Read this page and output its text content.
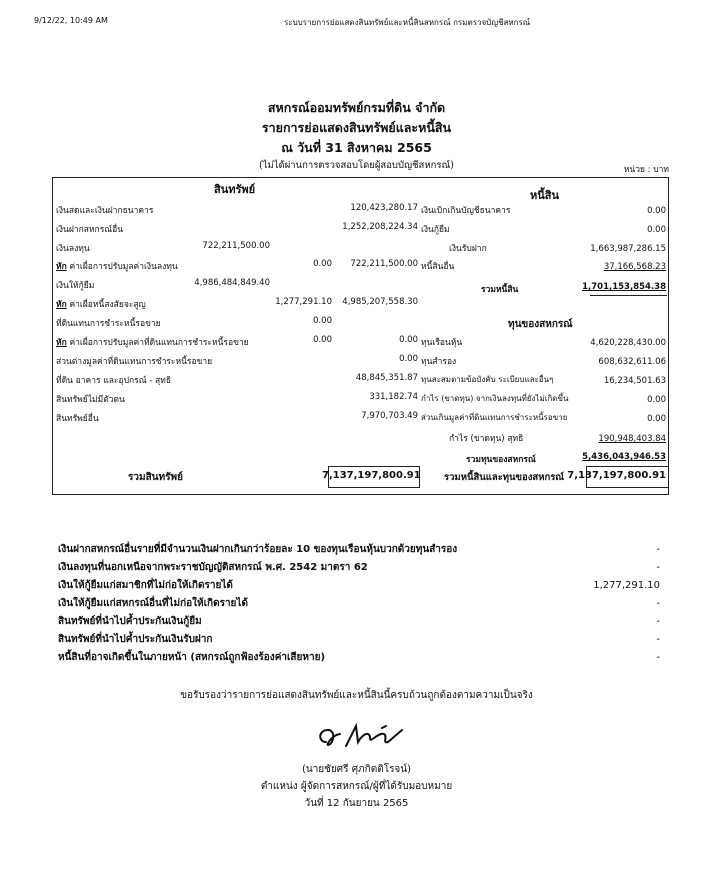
9/12/22, 10:49 AM	ระบบรายการย่อแสดงสินทรัพย์และหนี้สินสหกรณ์ กรมตรวจบัญชีสหกรณ์
สหกรณ์ออมทรัพย์กรมที่ดิน จำกัด
รายการย่อแสดงสินทรัพย์และหนี้สิน
ณ วันที่ 31 สิงหาคม 2565
(ไม่ได้ผ่านการตรวจสอบโดยผู้สอบบัญชีสหกรณ์)	หน่วย : บาท
สินทรัพย์	หนี้สิน
เงินสดและเงินฝากธนาคาร	120,423,280.17
เงินฝากสหกรณ์อื่น	1,252,208,224.34
เงินลงทุน	722,211,500.00
หัก ค่าเผื่อการปรับมูลค่าเงินลงทุน	0.00	722,211,500.00
เงินให้กู้ยืม	4,986,484,849.40
หัก ค่าเผื่อหนี้สงสัยจะสูญ	1,277,291.10	4,985,207,558.30
ที่ดินแทนการชำระหนี้รอขาย	0.00
หัก ค่าเผื่อการปรับมูลค่าที่ดินแทนการชำระหนี้รอขาย	0.00	0.00
ส่วนต่างมูลค่าที่ดินแทนการชำระหนี้รอขาย	0.00
ที่ดิน อาคาร และอุปกรณ์ - สุทธิ	48,845,351.87
สินทรัพย์ไม่มีตัวตน	331,182.74
สินทรัพย์อื่น	7,970,703.49
รวมสินทรัพย์	7,137,197,800.91
เงินเบิกเกินบัญชีธนาคาร	0.00
เงินกู้ยืม	0.00
เงินรับฝาก	1,663,987,286.15
หนี้สินอื่น	37,166,568.23
รวมหนี้สิน	1,701,153,854.38
ทุนของสหกรณ์
ทุนเรือนหุ้น	4,620,228,430.00
ทุนสำรอง	608,632,611.06
ทุนสะสมตามข้อบังคับ ระเบียบและอื่นๆ	16,234,501.63
กำไร (ขาดทุน) จากเงินลงทุนที่ยังไม่เกิดขึ้น	0.00
ส่วนเกินมูลค่าที่ดินแทนการชำระหนี้รอขาย	0.00
กำไร (ขาดทุน) สุทธิ	190,948,403.84
รวมทุนของสหกรณ์	5,436,043,946.53
รวมหนี้สินและทุนของสหกรณ์ 7,137,197,800.91
เงินฝากสหกรณ์อื่นรายที่มีจำนวนเงินฝากเกินกว่าร้อยละ 10 ของทุนเรือนหุ้นบวกด้วยทุนสำรอง	-
เงินลงทุนที่นอกเหนือจากพระราชบัญญัติสหกรณ์ พ.ศ. 2542 มาตรา 62	-
เงินให้กู้ยืมแก่สมาชิกที่ไม่ก่อให้เกิดรายได้	1,277,291.10
เงินให้กู้ยืมแก่สหกรณ์อื่นที่ไม่ก่อให้เกิดรายได้	-
สินทรัพย์ที่นำไปค้ำประกันเงินกู้ยืม	-
สินทรัพย์ที่นำไปค้ำประกันเงินรับฝาก	-
หนี้สินที่อาจเกิดขึ้นในภายหน้า (สหกรณ์ถูกฟ้องร้องค่าเสียหาย)	-
ขอรับรองว่ารายการย่อแสดงสินทรัพย์และหนี้สินนี้ครบถ้วนถูกต้องตามความเป็นจริง
(นายชัยศรี ศุภกิตติโรจน์)
ตำแหน่ง ผู้จัดการสหกรณ์/ผู้ที่ได้รับมอบหมาย
วันที่ 12 กันยายน 2565
